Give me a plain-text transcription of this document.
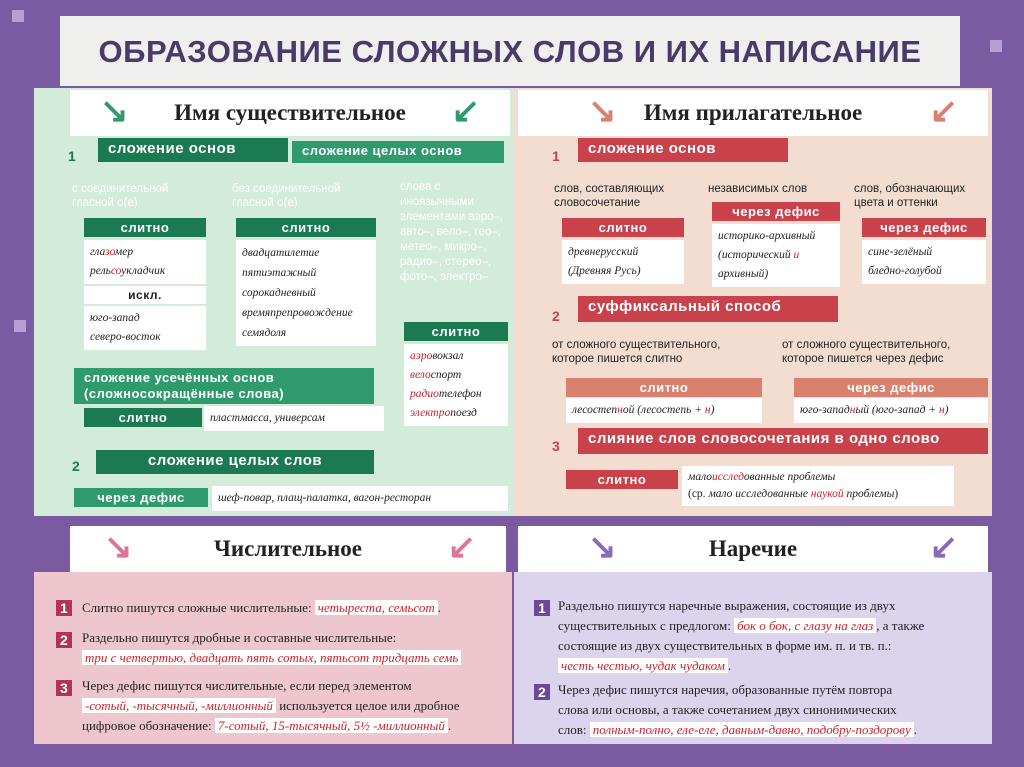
ОБРАЗОВАНИЕ СЛОЖНЫХ СЛОВ И ИХ НАПИСАНИЕ
↘ Имя существительное ↙
1	сложение основ	сложение целых основ
с соединительной гласной о(е)
без соединительной гласной о(е)
слова с иноязычными элементами аэро–, авто–, вело–, гео–, метео–, микро–, радио–, стерео–, фото–, электро–
слитно
глазомер
рельсоукладчик
искл.
юго-запад
северо-восток
слитно
двадцатилетие
пятиэтажный
сорокадневный
времяпрепровождение
семядоля	слитно
аэровокзал
велоспорт
радиотелефон
электропоезд
сложение усечённых основ (сложносокращённые слова)
слитно	пластмасса, универсам
2	сложение целых слов
через дефис	шеф-повар, плащ-палатка, вагон-ресторан
↘ Имя прилагательное ↙
1	сложение основ
слов, составляющих словосочетание
независимых слов	слов, обозначающих цвета и оттенки
слитно
древнерусский
(Древняя Русь)
через дефис
историко-архивный
(исторический и
архивный)
через дефис
сине-зелёный
бледно-голубой
2
суффиксальный способ
от сложного существительного, которое пишется слитно
от сложного существительного, которое пишется через дефис
слитно
лесостепной (лесостепь + н)
через дефис
юго-западный (юго-запад + н)
3	слияние слов словосочетания в одно слово
слитно	малоисследованные проблемы
(ср. мало исследованные наукой проблемы)
↘	Числительное	↙
1	Слитно пишутся сложные числительные: четыреста, семьсот .
2	Раздельно пишутся дробные и составные числительные:
три с четвертью, двадцать пять сотых, пятьсот тридцать семь
3	Через дефис пишутся числительные, если перед элементом
-сотый, -тысячный, -миллионный используется целое или дробное
цифровое обозначение: 7-сотый, 15-тысячный, 5½ -миллионный .
↘	Наречие	↙
1 Раздельно пишутся наречные выражения, состоящие из двух
существительных с предлогом: бок о бок, с глазу на глаз , а также
состоящие из двух существительных в форме им. п. и тв. п.:
честь честью, чудак чудаком .
2 Через дефис пишутся наречия, образованные путём повтора
слова или основы, а также сочетанием двух синонимических
слов: полным-полно, еле-еле, давным-давно, подобру-поздорову .
